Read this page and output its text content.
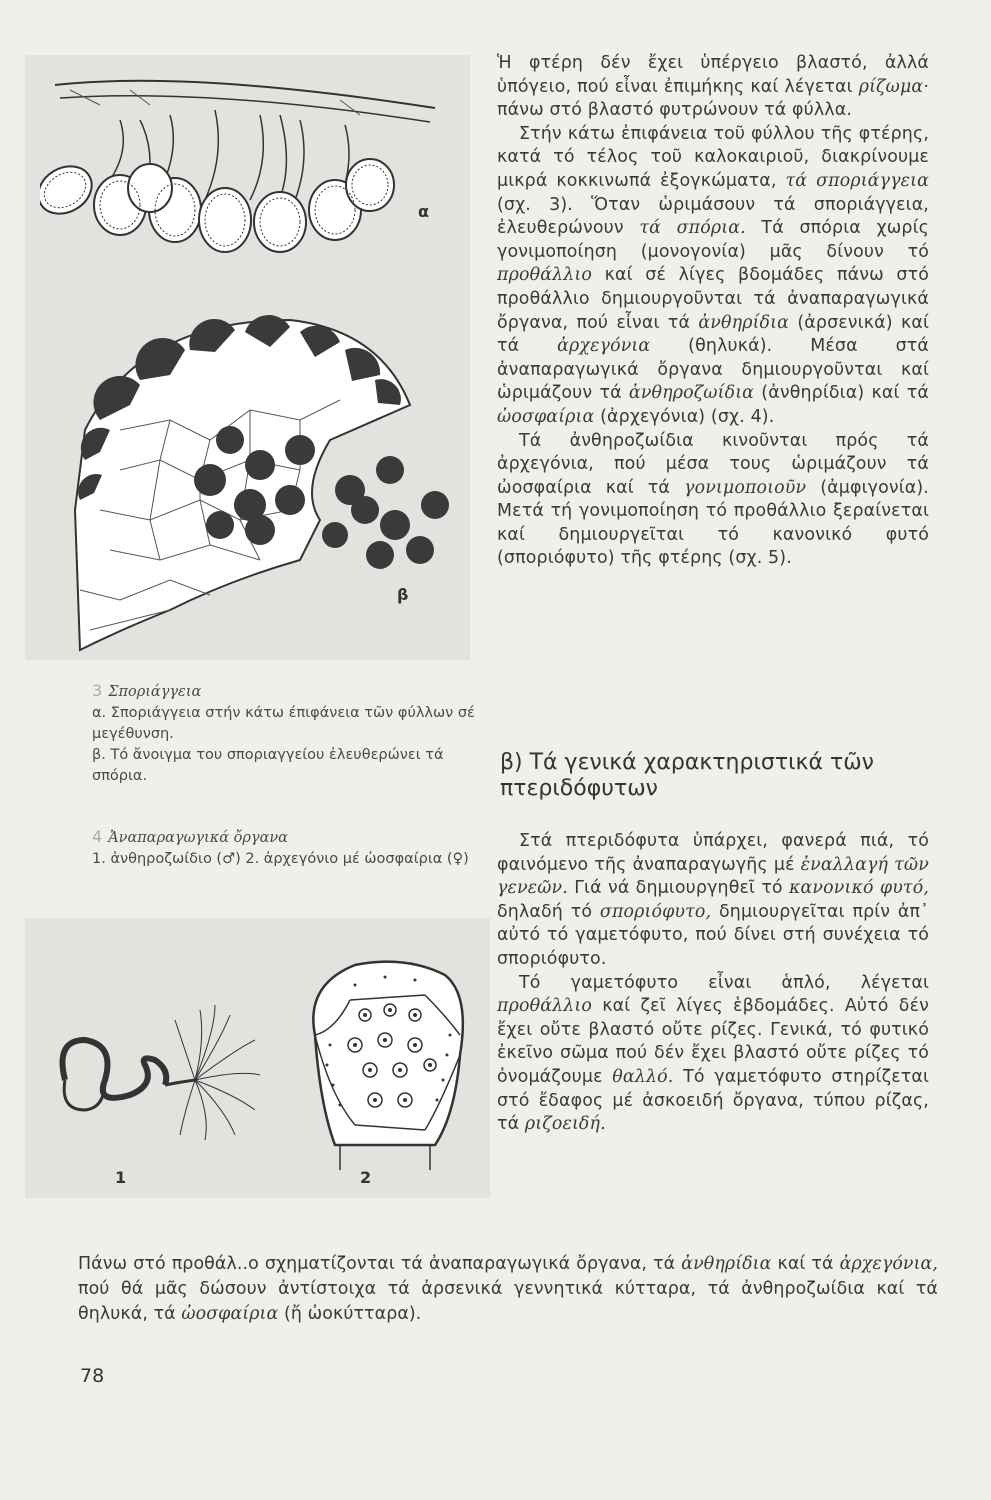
α
β
3 Σποριάγγεια
α. Σποριάγγεια στήν κάτω έπιφάνεια τῶν φύλλων σέ μεγέθυνση.
β. Τό ἄνοιγμα του σποριαγγείου ἐλευθερώνει τά σπόρια.
4 Ἀναπαραγωγικά ὄργανα
1. ἀνθηροζωίδιο (♂) 2. ἀρχεγόνιο μέ ὠοσφαίρια (♀)
1	2

Ἡ φτέρη δέν ἔχει ὑπέργειο βλαστό, ἀλλά ὑπόγειο, πού εἶναι ἐπιμήκης καί λέγεται ρίζωμα· πάνω στό βλαστό φυτρώνουν τά φύλλα.

Στήν κάτω ἐπιφάνεια τοῦ φύλλου τῆς φτέρης, κατά τό τέλος τοῦ καλοκαιριοῦ, διακρίνουμε μικρά κοκκινωπά ἐξογκώματα, τά σποριάγγεια (σχ. 3). Ὅταν ὡριμάσουν τά σποριάγγεια, ἐλευθερώνουν τά σπόρια. Τά σπόρια χωρίς γονιμοποίηση (μονογονία) μᾶς δίνουν τό προθάλλιο καί σέ λίγες βδομάδες πάνω στό προθάλλιο δημιουργοῦνται τά ἀναπαραγωγικά ὄργανα, πού εἶναι τά ἀνθηρίδια (ἀρσενικά) καί τά ἀρχεγόνια (θηλυκά). Μέσα στά ἀναπαραγωγικά ὄργανα δημιουργοῦνται καί ὡριμάζουν τά ἀνθηροζωίδια (ἀνθηρίδια) καί τά ὠοσφαίρια (ἀρχεγόνια) (σχ. 4).

Τά ἀνθηροζωίδια κινοῦνται πρός τά ἀρχεγόνια, πού μέσα τους ὡριμάζουν τά ὠοσφαίρια καί τά γονιμοποιοῦν (ἀμφιγονία). Μετά τή γονιμοποίηση τό προθάλλιο ξεραίνεται καί δημιουργεῖται τό κανονικό φυτό (σποριόφυτο) τῆς φτέρης (σχ. 5).

β) Τά γενικά χαρακτηριστικά τῶν πτεριδόφυτων

Στά πτεριδόφυτα ὑπάρχει, φανερά πιά, τό φαινόμενο τῆς ἀναπαραγωγῆς μέ ἐναλλαγή τῶν γενεῶν. Γιά νά δημιουργηθεῖ τό κανονικό φυτό, δηλαδή τό σποριόφυτο, δημιουργεῖται πρίν ἀπ᾿ αὐτό τό γαμετόφυτο, πού δίνει στή συνέχεια τό σποριόφυτο.

Τό γαμετόφυτο εἶναι ἁπλό, λέγεται προθάλλιο καί ζεῖ λίγες ἑβδομάδες. Αὐτό δέν ἔχει οὔτε βλαστό οὔτε ρίζες. Γενικά, τό φυτικό ἐκεῖνο σῶμα πού δέν ἔχει βλαστό οὔτε ρίζες τό ὀνομάζουμε θαλλό. Τό γαμετόφυτο στηρίζεται στό ἔδαφος μέ ἀσκοειδή ὄργανα, τύπου ρίζας, τά ριζοειδή.

Πάνω στό προθάλ..ο σχηματίζονται τά ἀναπαραγωγικά ὄργανα, τά ἀνθηρίδια καί τά ἀρχεγόνια, πού θά μᾶς δώσουν ἀντίστοιχα τά ἀρσενικά γεννητικά κύτταρα, τά ἀνθηροζωίδια καί τά θηλυκά, τά ὠοσφαίρια (ἤ ὠοκύτταρα).
78
